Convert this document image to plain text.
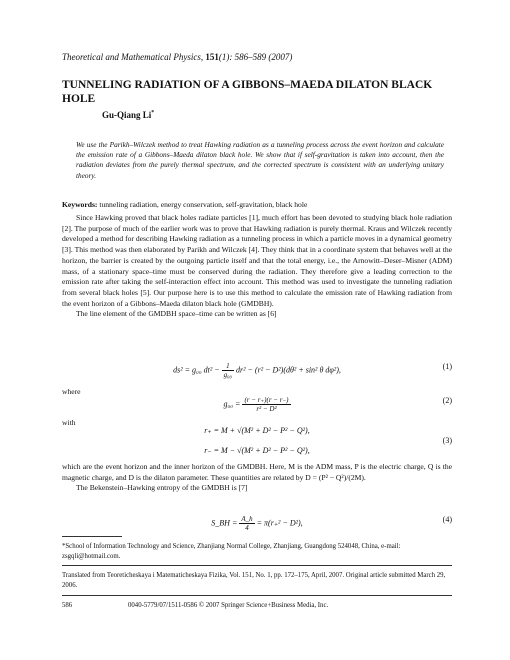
Theoretical and Mathematical Physics, 151(1): 586–589 (2007)
TUNNELING RADIATION OF A GIBBONS–MAEDA DILATON BLACK HOLE
Gu-Qiang Li*
We use the Parikh–Wilczek method to treat Hawking radiation as a tunneling process across the event horizon and calculate the emission rate of a Gibbons–Maeda dilaton black hole. We show that if self-gravitation is taken into account, then the radiation deviates from the purely thermal spectrum, and the corrected spectrum is consistent with an underlying unitary theory.
Keywords: tunneling radiation, energy conservation, self-gravitation, black hole

Since Hawking proved that black holes radiate particles [1], much effort has been devoted to studying black hole radiation [2]. The purpose of much of the earlier work was to prove that Hawking radiation is purely thermal. Kraus and Wilczek recently developed a method for describing Hawking radiation as a tunneling process in which a particle moves in a dynamical geometry [3]. This method was then elaborated by Parikh and Wilczek [4]. They think that in a coordinate system that behaves well at the horizon, the barrier is created by the outgoing particle itself and that the total energy, i.e., the Arnowitt–Deser–Misner (ADM) mass, of a stationary space–time must be conserved during the radiation. They therefore give a leading correction to the emission rate after taking the self-interaction effect into account. This method was used to investigate the tunneling radiation from several black holes [5]. Our purpose here is to use this method to calculate the emission rate of Hawking radiation from the event horizon of a Gibbons–Maeda dilaton black hole (GMDBH).

The line element of the GMDBH space–time can be written as [6]

ds² = g₀₀ $dt^2 - \frac{1}{\text{g₀₀}} dr^2 - (r^2 - D^2)(d\theta^2 + \sin^2$ θ dφ²),	(1)

where

$g_{00} = \frac{(r - r_+)(r - r_-)}{\text{r² − D²}}$	(2)

with

r₊ = M + √(M² + D² − P² − Q²),
(3)
r₋ = M − √(M² + D² − P² − Q²),

which are the event horizon and the inner horizon of the GMDBH. Here, M is the ADM mass, P is the electric charge, Q is the magnetic charge, and D is the dilaton parameter. These quantities are related by D = (P² − Q²)/(2M).

The Bekenstein–Hawking entropy of the GMDBH is [7]

S_BH = $\frac{A\_h}{4} = \pi(r_+^2 - D^2)$,	(4)
*School of Information Technology and Science, Zhanjiang Normal College, Zhanjiang, Guangdong 524048, China, e-mail: zsgqli@hotmail.com.
Translated from Teoreticheskaya i Matematicheskaya Fizika, Vol. 151, No. 1, pp. 172–175, April, 2007. Original article submitted March 29, 2006.
586	0040-5779/07/1511-0586 © 2007 Springer Science+Business Media, Inc.
